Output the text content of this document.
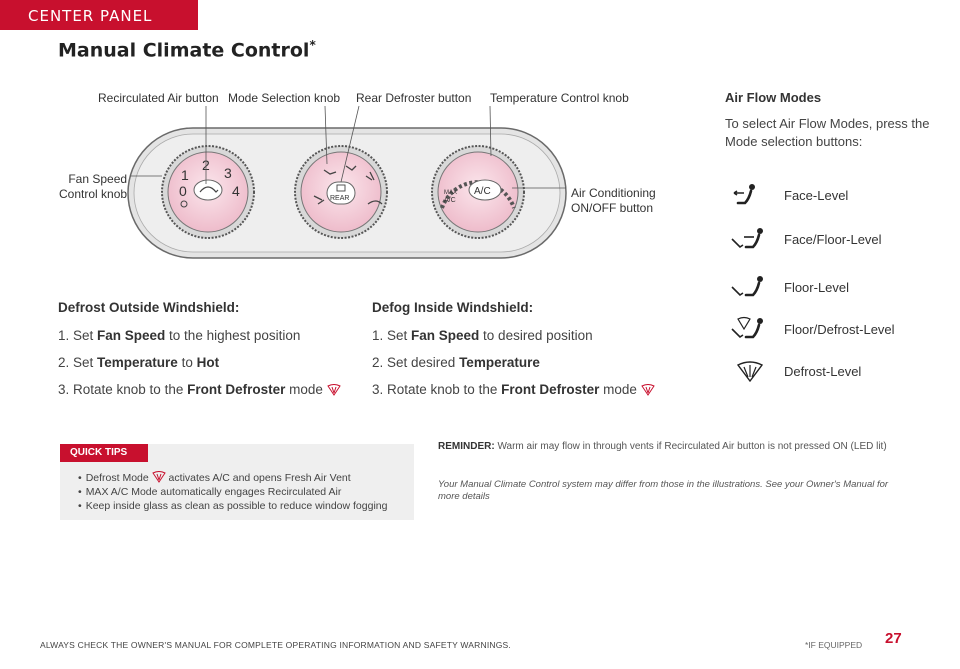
CENTER PANEL
Manual Climate Control*
0
1
2 3
4	REAR
MAX
A/C
A/C
Recirculated Air button Mode Selection knob Rear Defroster button Temperature Control knob
Fan Speed
Control knob	Air Conditioning
ON/OFF button
Air Flow Modes
To select Air Flow Modes, press the Mode selection buttons:
Face-Level
Face/Floor-Level
Floor-Level
Floor/Defrost-Level
Defrost-Level
Defrost Outside Windshield:
1. Set Fan Speed to the highest position
2. Set Temperature to Hot
3. Rotate knob to the Front Defroster mode
Defog Inside Windshield:
1. Set Fan Speed to desired position
2. Set desired Temperature
3. Rotate knob to the Front Defroster mode
QUICK TIPS
• Defrost Mode  activates A/C and opens Fresh Air Vent
• MAX A/C Mode automatically engages Recirculated Air
• Keep inside glass as clean as possible to reduce window fogging
REMINDER: Warm air may flow in through vents if Recirculated Air button is not pressed ON (LED lit)
Your Manual Climate Control system may differ from those in the illustrations. See your Owner's Manual for more details
ALWAYS CHECK THE OWNER'S MANUAL FOR COMPLETE OPERATING INFORMATION AND SAFETY WARNINGS.	*IF EQUIPPED 27
